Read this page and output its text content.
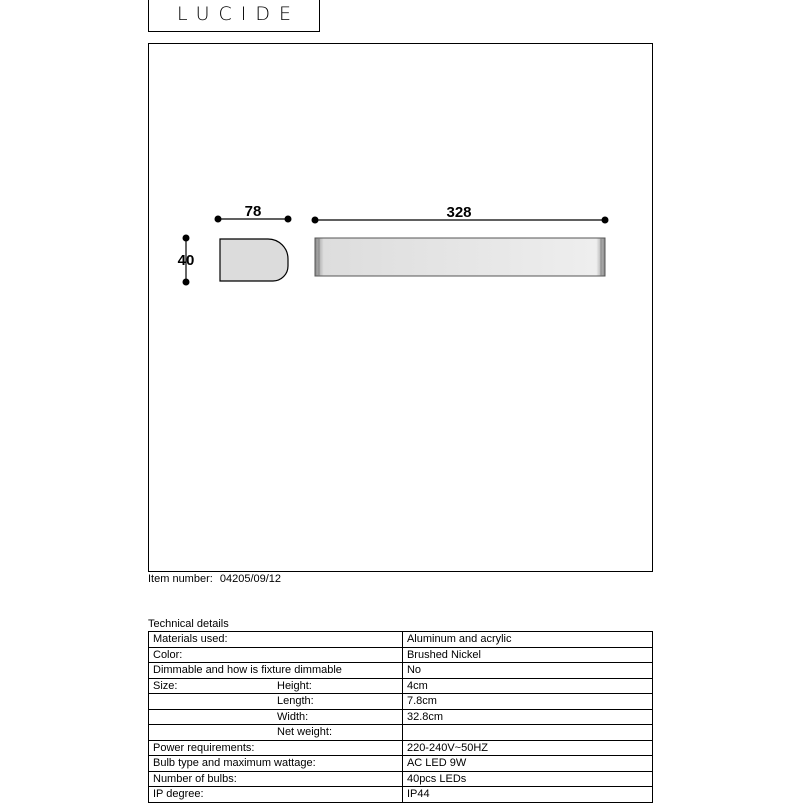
LUCIDE
78	328
40
Item number: 04205/09/12
Technical details
Materials used:	Aluminum and acrylic
Color:	Brushed Nickel
Dimmable and how is fixture dimmable	No
Size: Height:	4cm

Length:	7.8cm

Width:	32.8cm

Net weight:	

Power requirements:	220-240V~50HZ
Bulb type and maximum wattage:	AC LED 9W
Number of bulbs:	40pcs LEDs
IP degree:	IP44
